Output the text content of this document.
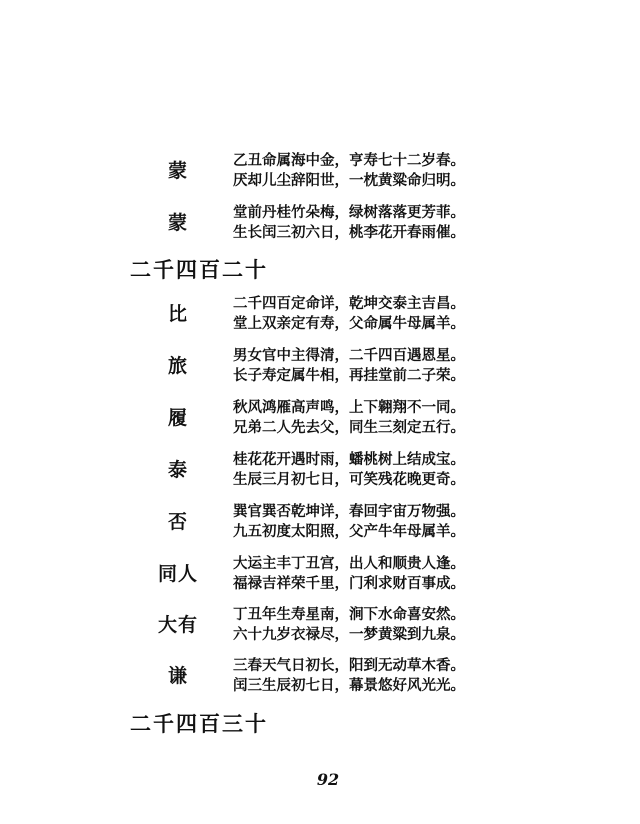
蒙	乙丑命属海中金，亨寿七十二岁春。
厌却儿尘辞阳世，一枕黄粱命归明。
蒙	堂前丹桂竹朵梅，绿树落落更芳菲。
生长闰三初六日，桃李花开春雨催。
二千四百二十
比	二千四百定命详，乾坤交泰主吉昌。
堂上双亲定有寿，父命属牛母属羊。
旅	男女官中主得清，二千四百遇恩星。
长子寿定属牛相，再挂堂前二子荣。
履	秋风鸿雁高声鸣，上下翱翔不一同。
兄弟二人先去父，同生三刻定五行。
泰	桂花花开遇时雨，蟠桃树上结成宝。
生辰三月初七日，可笑残花晚更奇。
否	巽官巽否乾坤详，春回宇宙万物强。
九五初度太阳照，父产牛年母属羊。
同人	大运主丰丁丑宫，出人和顺贵人逢。
福禄吉祥荣千里，门利求财百事成。
大有	丁丑年生寿星南，涧下水命喜安然。
六十九岁衣禄尽，一梦黄粱到九泉。
谦	三春天气日初长，阳到无动草木香。
闰三生辰初七日，幕景悠好风光光。
二千四百三十
92
